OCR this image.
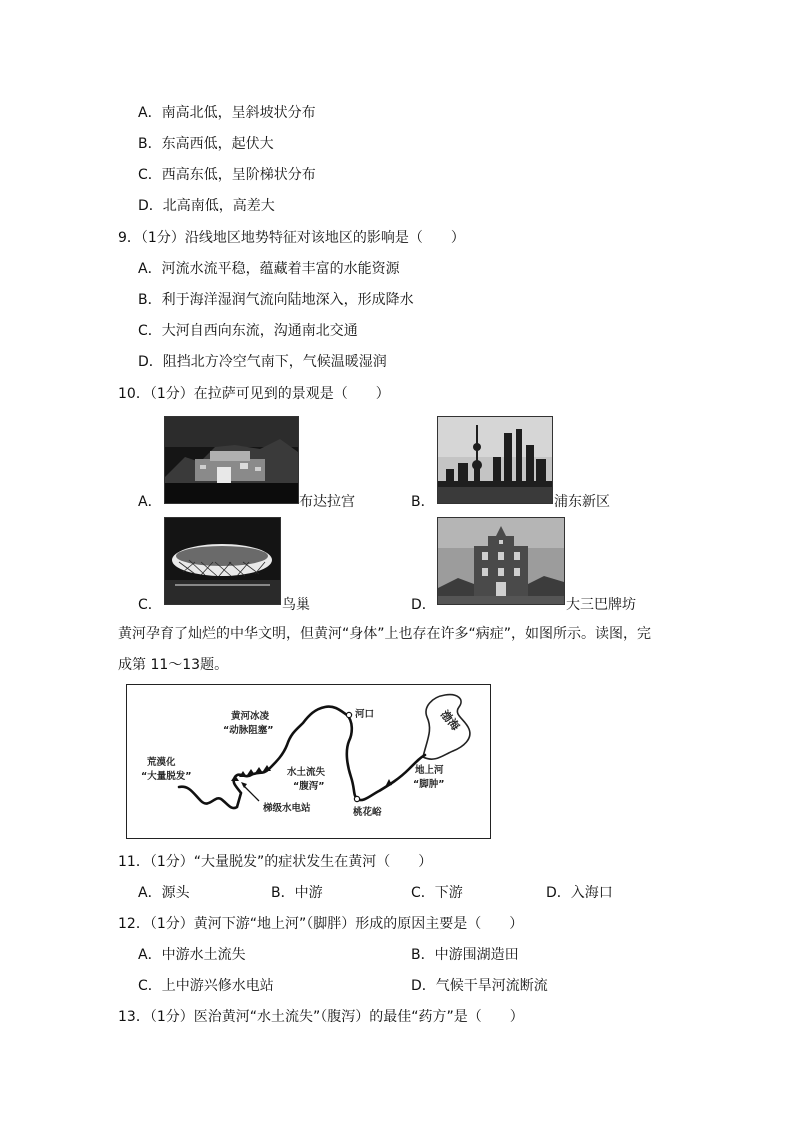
A．南高北低，呈斜坡状分布
B．东高西低，起伏大
C．西高东低，呈阶梯状分布
D．北高南低，高差大
9．（1分）沿线地区地势特征对该地区的影响是（　　）
A．河流水流平稳，蕴藏着丰富的水能资源
B．利于海洋湿润气流向陆地深入，形成降水
C．大河自西向东流，沟通南北交通
D．阻挡北方冷空气南下，气候温暖湿润
10．（1分）在拉萨可见到的景观是（　　）
A．	布达拉宫	B．	浦东新区
C．	鸟巢	D．	大三巴牌坊
黄河孕育了灿烂的中华文明，但黄河“身体”上也存在许多“病症”，如图所示。读图，完
成第 11～13题。
荒漠化
“大量脱发”
黄河冰凌
“动脉阻塞”
河口	渤海
水土流失
“腹泻”
地上河
“脚肿”
桃花峪
梯级水电站
11．（1分）“大量脱发”的症状发生在黄河（　　）
A．源头	B．中游	C．下游	D．入海口
12．（1分）黄河下游“地上河”（脚胖）形成的原因主要是（　　）
A．中游水土流失	B．中游围湖造田
C．上中游兴修水电站	D．气候干旱河流断流
13．（1分）医治黄河“水土流失”（腹泻）的最佳“药方”是（　　）
